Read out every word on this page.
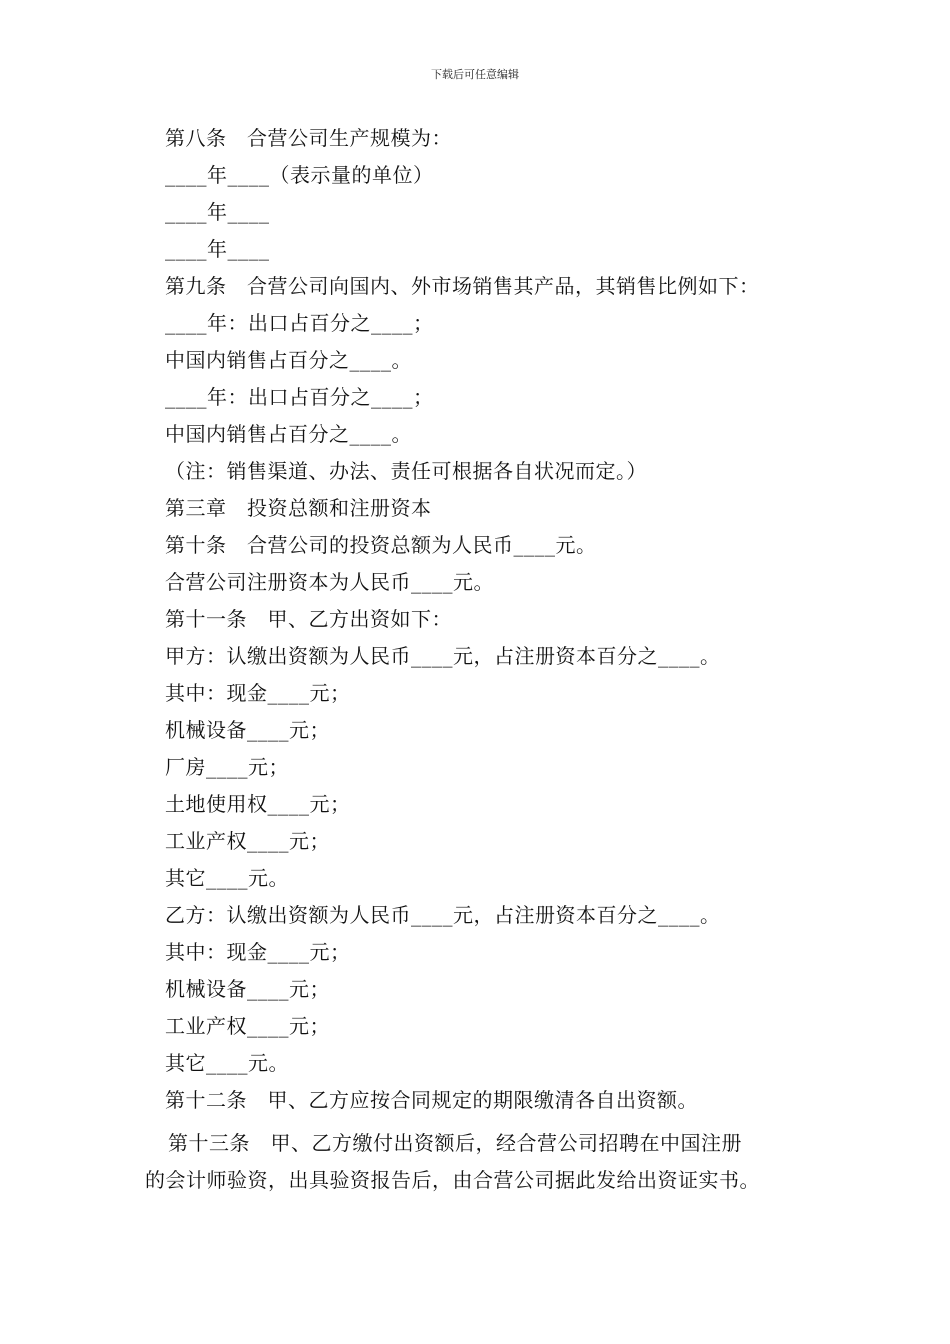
下载后可任意编辑
第八条　合营公司生产规模为：
____年____（表示量的单位）
____年____
____年____
第九条　合营公司向国内、外市场销售其产品，其销售比例如下：
____年：出口占百分之____；
中国内销售占百分之____。
____年：出口占百分之____；
中国内销售占百分之____。
（注：销售渠道、办法、责任可根据各自状况而定。）
第三章　投资总额和注册资本
第十条　合营公司的投资总额为人民币____元。
合营公司注册资本为人民币____元。
第十一条　甲、乙方出资如下：
甲方：认缴出资额为人民币____元，占注册资本百分之____。
其中：现金____元；
机械设备____元；
厂房____元；
土地使用权____元；
工业产权____元；
其它____元。
乙方：认缴出资额为人民币____元，占注册资本百分之____。
其中：现金____元；
机械设备____元；
工业产权____元；
其它____元。
第十二条　甲、乙方应按合同规定的期限缴清各自出资额。
第十三条　甲、乙方缴付出资额后，经合营公司招聘在中国注册
的会计师验资，出具验资报告后，由合营公司据此发给出资证实书。
